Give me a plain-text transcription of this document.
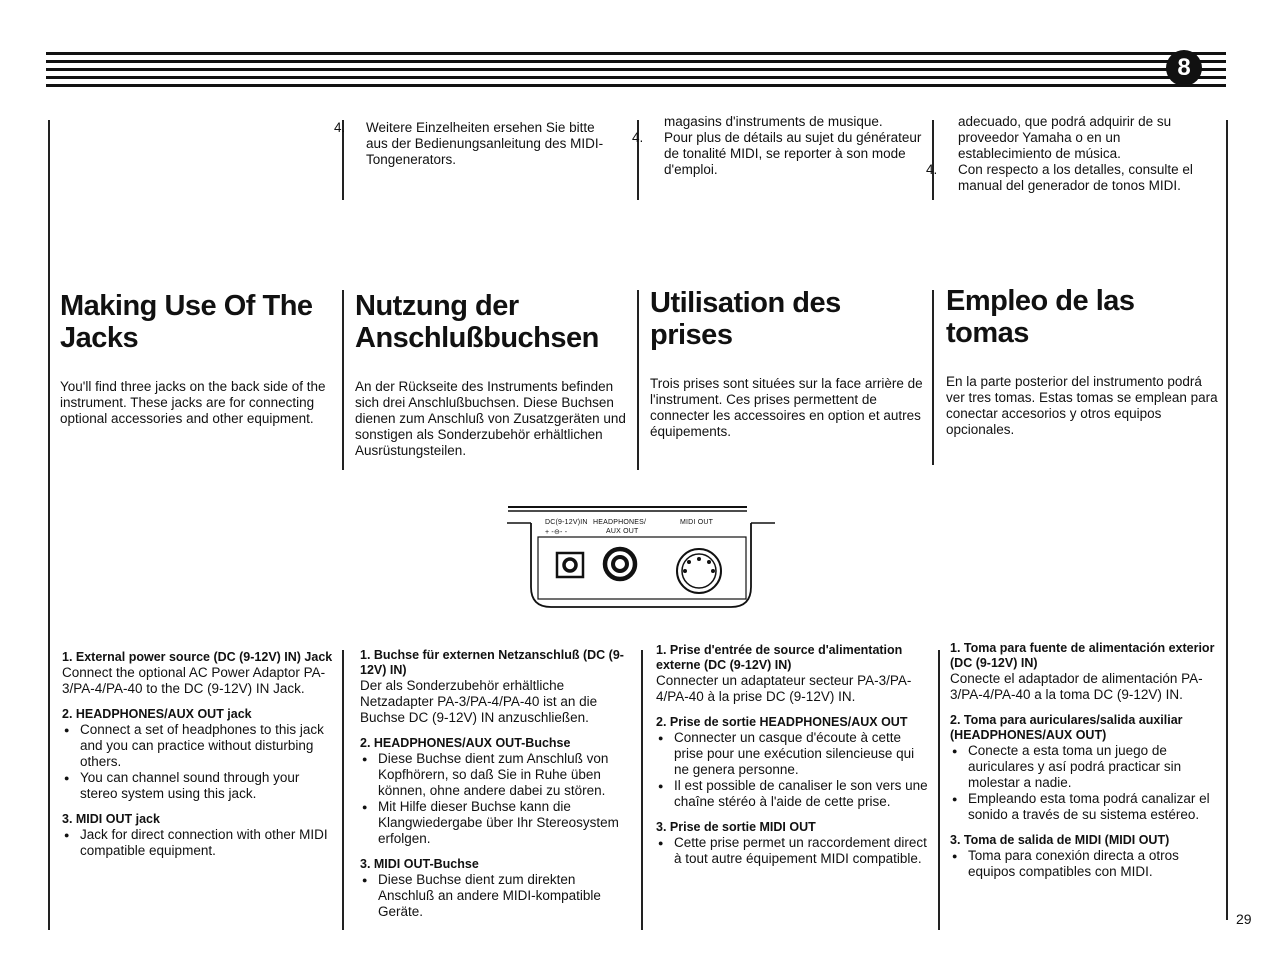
8
4. Weitere Einzelheiten ersehen Sie bitte aus der Bedienungsanleitung des MIDI-Tongenerators.
magasins d'instruments de musique.
4. Pour plus de détails au sujet du générateur de tonalité MIDI, se reporter à son mode d'emploi.
adecuado, que podrá adquirir de su proveedor Yamaha o en un establecimiento de música.
4. Con respecto a los detalles, consulte el manual del generador de tonos MIDI.
Making Use Of The Jacks

You'll find three jacks on the back side of the instrument. These jacks are for connecting optional accessories and other equipment.

Nutzung der Anschlußbuchsen

An der Rückseite des Instruments befinden sich drei Anschlußbuchsen. Diese Buchsen dienen zum Anschluß von Zusatzgeräten und sonstigen als Sonderzubehör erhältlichen Ausrüstungsteilen.

Utilisation des prises

Trois prises sont situées sur la face arrière de l'instrument. Ces prises permettent de connecter les accessoires en option et autres équipements.

Empleo de las tomas

En la parte posterior del instrumento podrá ver tres tomas. Estas tomas se emplean para conectar accesorios y otros equipos opcionales.

DC(9-12V)IN HEADPHONES/
AUX OUT
MIDI OUT
+ -⊖- -

1. External power source (DC (9-12V) IN) Jack

Connect the optional AC Power Adaptor PA-3/PA-4/PA-40 to the DC (9-12V) IN Jack.

2. HEADPHONES/AUX OUT jack

● Connect a set of headphones to this jack and you can practice without disturbing others.
● You can channel sound through your stereo system using this jack.

3. MIDI OUT jack

● Jack for direct connection with other MIDI compatible equipment.

1. Buchse für externen Netzanschluß (DC (9-12V) IN)

Der als Sonderzubehör erhältliche Netzadapter PA-3/PA-4/PA-40 ist an die Buchse DC (9-12V) IN anzuschließen.

2. HEADPHONES/AUX OUT-Buchse

● Diese Buchse dient zum Anschluß von Kopfhörern, so daß Sie in Ruhe üben können, ohne andere dabei zu stören.
● Mit Hilfe dieser Buchse kann die Klangwiedergabe über Ihr Stereosystem erfolgen.

3. MIDI OUT-Buchse

● Diese Buchse dient zum direkten Anschluß an andere MIDI-kompatible Geräte.

1. Prise d'entrée de source d'alimentation externe (DC (9-12V) IN)

Connecter un adaptateur secteur PA-3/PA-4/PA-40 à la prise DC (9-12V) IN.

2. Prise de sortie HEADPHONES/AUX OUT

● Connecter un casque d'écoute à cette prise pour une exécution silencieuse qui ne genera personne.
● Il est possible de canaliser le son vers une chaîne stéréo à l'aide de cette prise.

3. Prise de sortie MIDI OUT

● Cette prise permet un raccordement direct à tout autre équipement MIDI compatible.

1. Toma para fuente de alimentación exterior (DC (9-12V) IN)

Conecte el adaptador de alimentación PA-3/PA-4/PA-40 a la toma DC (9-12V) IN.

2. Toma para auriculares/salida auxiliar (HEADPHONES/AUX OUT)

● Conecte a esta toma un juego de auriculares y así podrá practicar sin molestar a nadie.
● Empleando esta toma podrá canalizar el sonido a través de su sistema estéreo.

3. Toma de salida de MIDI (MIDI OUT)

● Toma para conexión directa a otros equipos compatibles con MIDI.
29
